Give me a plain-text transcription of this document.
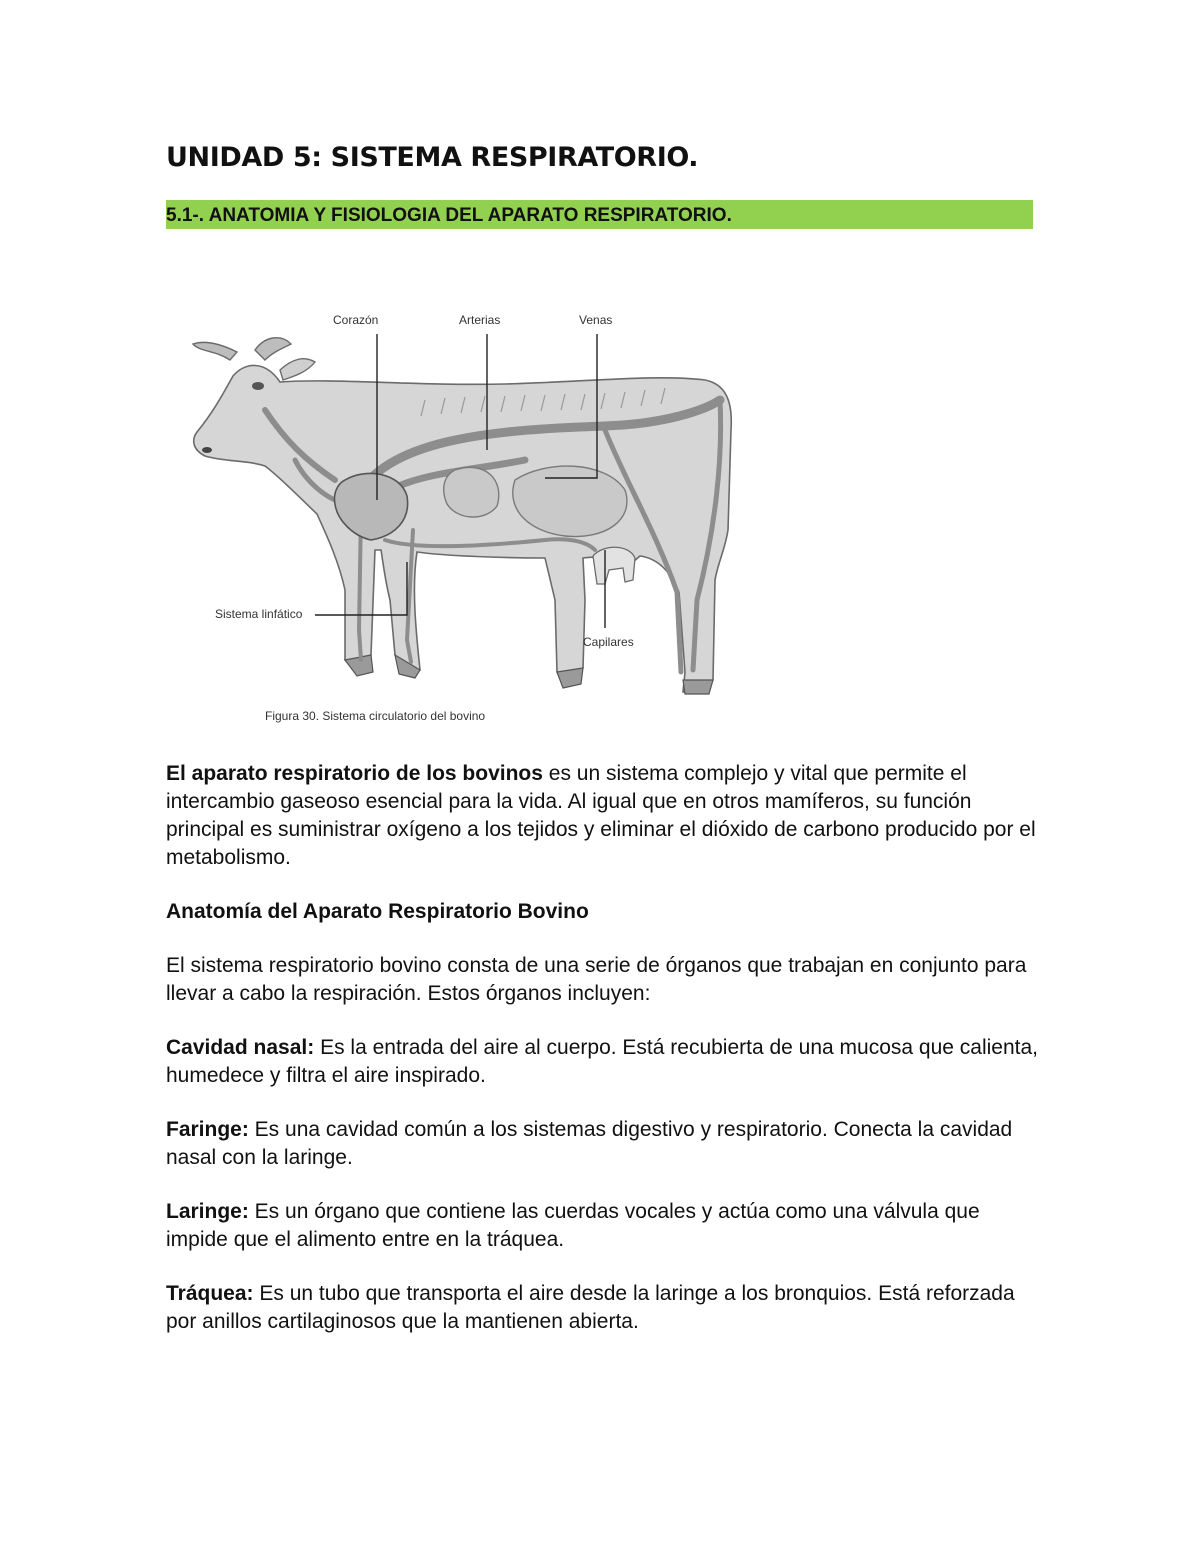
UNIDAD 5: SISTEMA RESPIRATORIO.
5.1-. ANATOMIA Y FISIOLOGIA DEL APARATO RESPIRATORIO.
Corazón	Arterias	Venas
Sistema linfático
Capilares
Figura 30. Sistema circulatorio del bovino

El aparato respiratorio de los bovinos es un sistema complejo y vital que permite el intercambio gaseoso esencial para la vida. Al igual que en otros mamíferos, su función principal es suministrar oxígeno a los tejidos y eliminar el dióxido de carbono producido por el metabolismo.

Anatomía del Aparato Respiratorio Bovino

El sistema respiratorio bovino consta de una serie de órganos que trabajan en conjunto para llevar a cabo la respiración. Estos órganos incluyen:

Cavidad nasal: Es la entrada del aire al cuerpo. Está recubierta de una mucosa que calienta, humedece y filtra el aire inspirado.

Faringe: Es una cavidad común a los sistemas digestivo y respiratorio. Conecta la cavidad nasal con la laringe.

Laringe: Es un órgano que contiene las cuerdas vocales y actúa como una válvula que impide que el alimento entre en la tráquea.

Tráquea: Es un tubo que transporta el aire desde la laringe a los bronquios. Está reforzada por anillos cartilaginosos que la mantienen abierta.
